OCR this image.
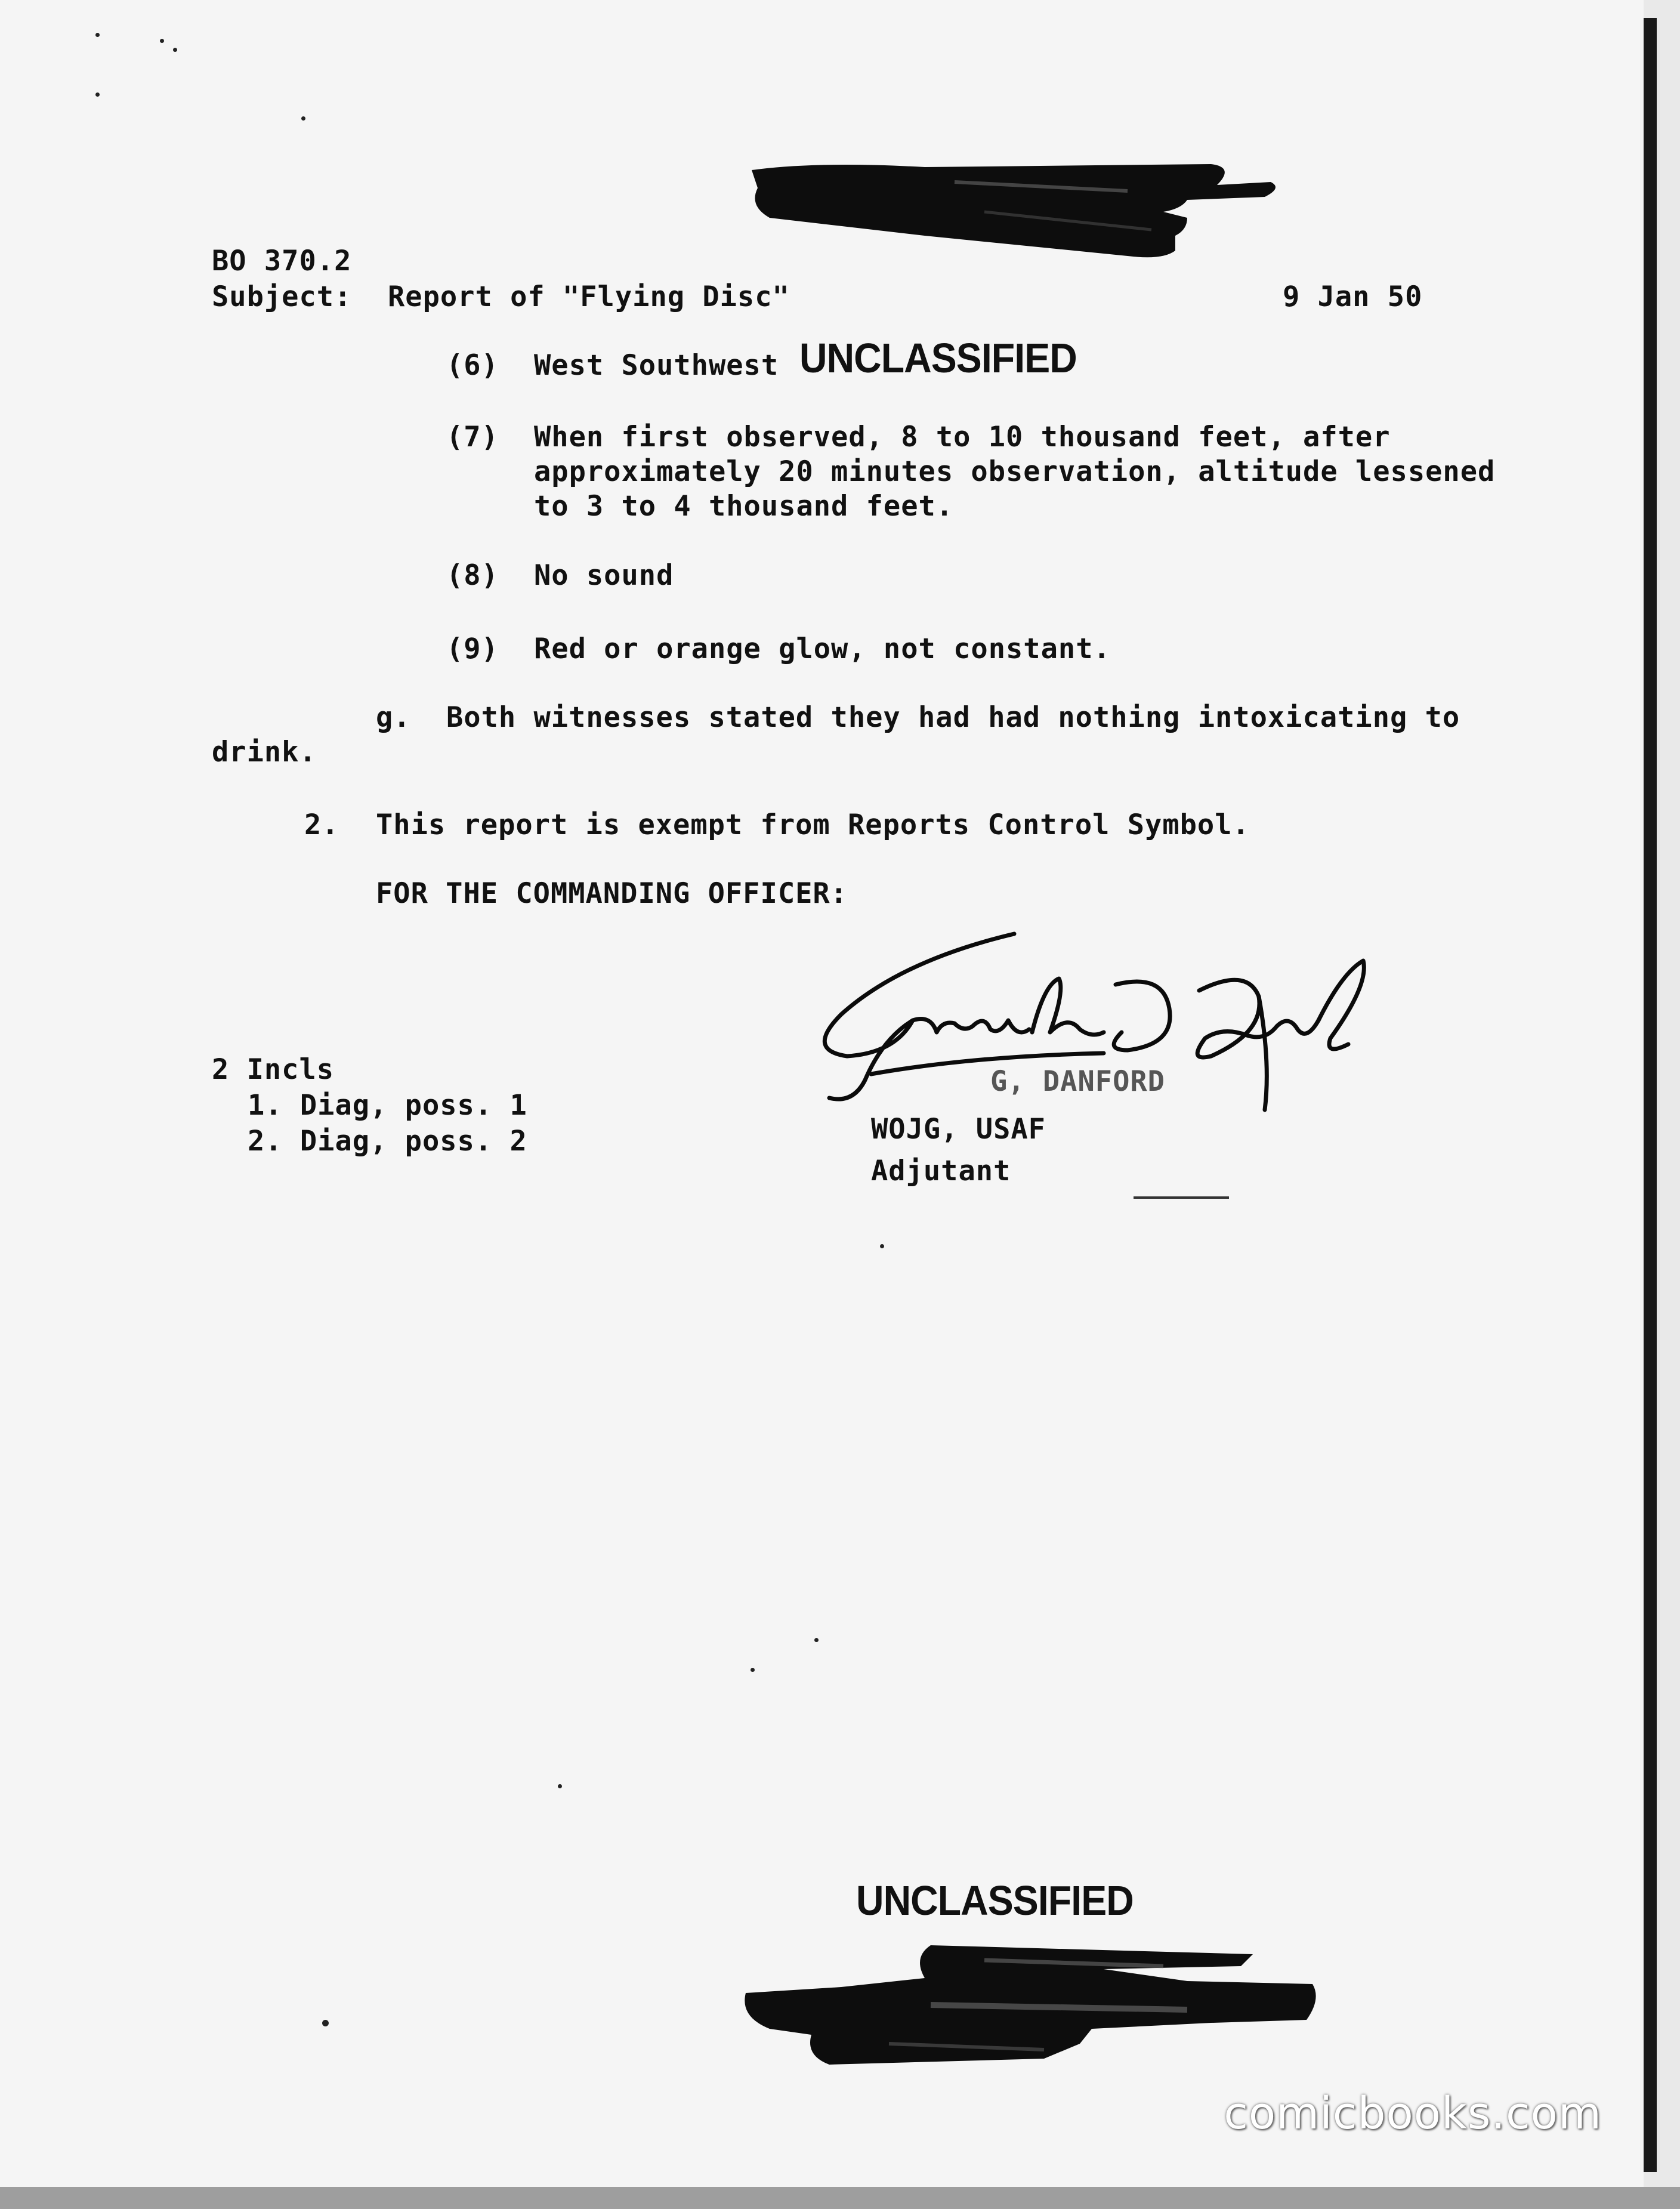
BO 370.2
Subject: Report of "Flying Disc"	9 Jan 50
(6) West Southwest UNCLASSIFIED
(7) When first observed, 8 to 10 thousand feet, after
approximately 20 minutes observation, altitude lessened
to 3 to 4 thousand feet.
(8) No sound
(9) Red or orange glow, not constant.
g. Both witnesses stated they had had nothing intoxicating to
drink.
2. This report is exempt from Reports Control Symbol.
FOR THE COMMANDING OFFICER:
2 Incls
1. Diag, poss. 1
2. Diag, poss. 2
G, DANFORD
WOJG, USAF
Adjutant
UNCLASSIFIED
comicbooks.com
